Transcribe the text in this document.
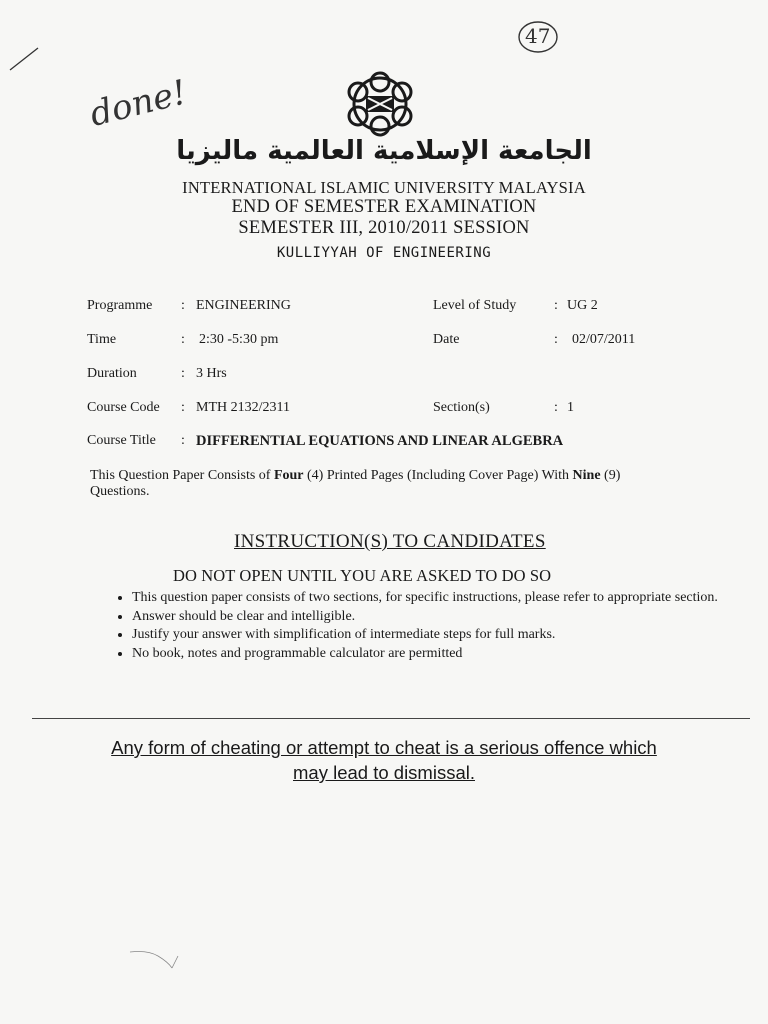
47
done!
الجامعة الإسلامية العالمية ماليزيا
INTERNATIONAL ISLAMIC UNIVERSITY MALAYSIA
END OF SEMESTER EXAMINATION
SEMESTER III, 2010/2011 SESSION
KULLIYYAH OF ENGINEERING
Programme : ENGINEERING	Level of Study	: UG 2
Time	: 2:30 -5:30 pm	Date	: 02/07/2011
Duration	: 3 Hrs
Course Code : MTH 2132/2311	Section(s)	: 1
Course Title : DIFFERENTIAL EQUATIONS AND LINEAR ALGEBRA
This Question Paper Consists of Four (4) Printed Pages (Including Cover Page) With Nine (9)
Questions.
INSTRUCTION(S) TO CANDIDATES
DO NOT OPEN UNTIL YOU ARE ASKED TO DO SO
• This question paper consists of two sections, for specific instructions, please refer to appropriate section.
• Answer should be clear and intelligible.
• Justify your answer with simplification of intermediate steps for full marks.
• No book, notes and programmable calculator are permitted
Any form of cheating or attempt to cheat is a serious offence which
may lead to dismissal.
